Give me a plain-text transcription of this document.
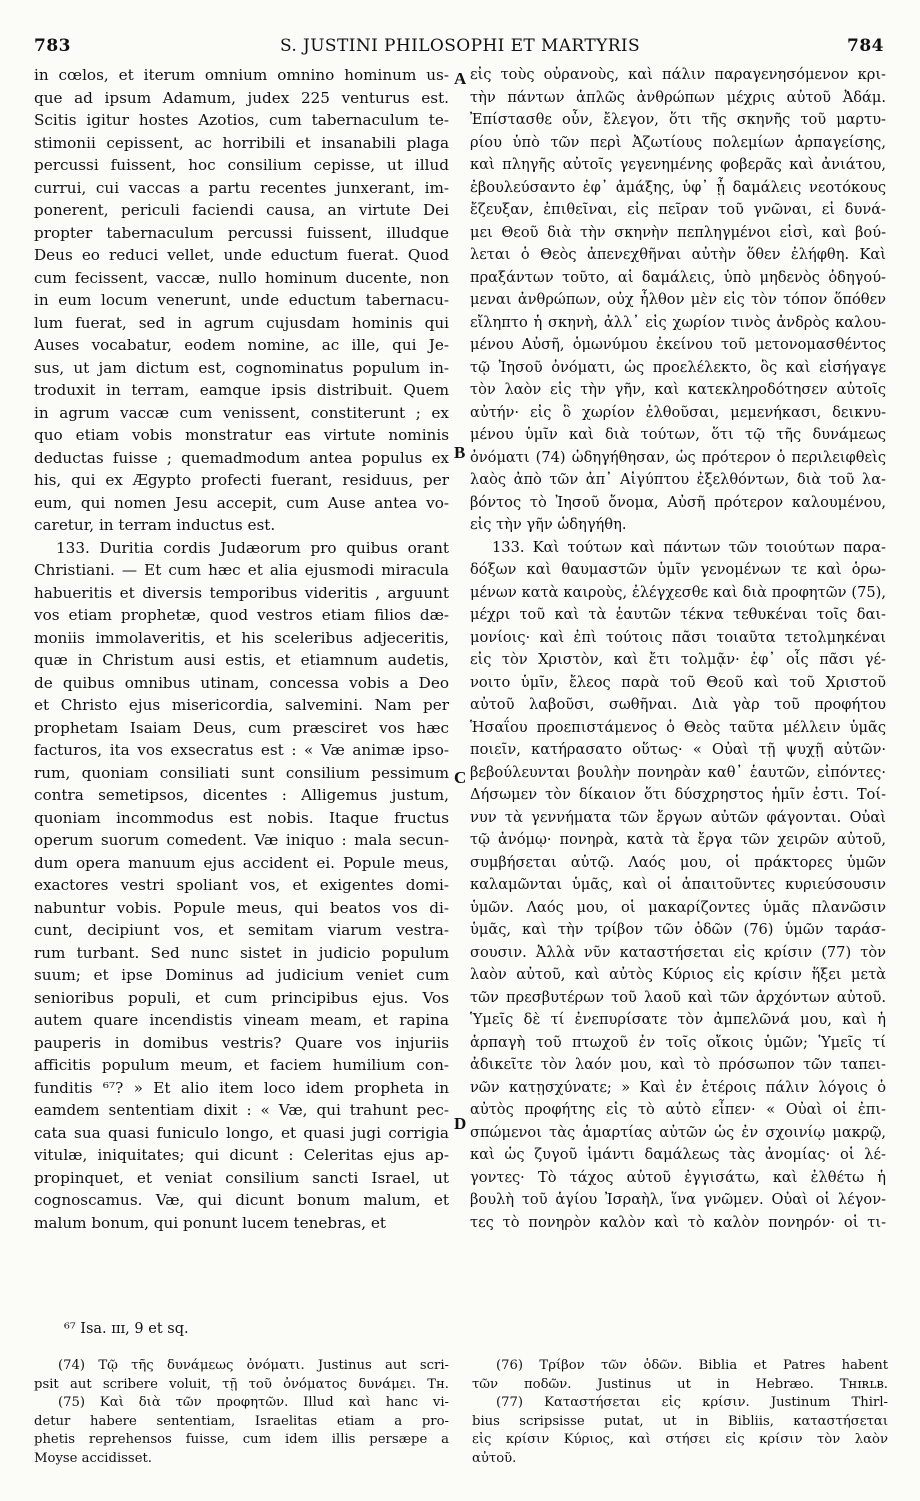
783	S. JUSTINI PHILOSOPHI ET MARTYRIS	784
in cœlos, et iterum omnium omnino hominum us-
que ad ipsum Adamum, judex 225 venturus est.
Scitis igitur hostes Azotios, cum tabernaculum te-
stimonii cepissent, ac horribili et insanabili plaga
percussi fuissent, hoc consilium cepisse, ut illud
currui, cui vaccas a partu recentes junxerant, im-
ponerent, periculi faciendi causa, an virtute Dei
propter tabernaculum percussi fuissent, illudque
Deus eo reduci vellet, unde eductum fuerat. Quod
cum fecissent, vaccæ, nullo hominum ducente, non
in eum locum venerunt, unde eductum tabernacu-
lum fuerat, sed in agrum cujusdam hominis qui
Auses vocabatur, eodem nomine, ac ille, qui Je-
sus, ut jam dictum est, cognominatus populum in-
troduxit in terram, eamque ipsis distribuit. Quem
in agrum vaccæ cum venissent, constiterunt ; ex
quo etiam vobis monstratur eas virtute nominis
deductas fuisse ; quemadmodum antea populus ex
his, qui ex Ægypto profecti fuerant, residuus, per
eum, qui nomen Jesu accepit, cum Ause antea vo-
caretur, in terram inductus est.
133. Duritia cordis Judæorum pro quibus orant
Christiani. — Et cum hæc et alia ejusmodi miracula
habueritis et diversis temporibus videritis , arguunt
vos etiam prophetæ, quod vestros etiam filios dæ-
moniis immolaveritis, et his sceleribus adjeceritis,
quæ in Christum ausi estis, et etiamnum audetis,
de quibus omnibus utinam, concessa vobis a Deo
et Christo ejus misericordia, salvemini. Nam per
prophetam Isaiam Deus, cum præsciret vos hæc
facturos, ita vos exsecratus est : « Væ animæ ipso-
rum, quoniam consiliati sunt consilium pessimum
contra semetipsos, dicentes : Alligemus justum,
quoniam incommodus est nobis. Itaque fructus
operum suorum comedent. Væ iniquo : mala secun-
dum opera manuum ejus accident ei. Popule meus,
exactores vestri spoliant vos, et exigentes domi-
nabuntur vobis. Popule meus, qui beatos vos di-
cunt, decipiunt vos, et semitam viarum vestra-
rum turbant. Sed nunc sistet in judicio populum
suum; et ipse Dominus ad judicium veniet cum
senioribus populi, et cum principibus ejus. Vos
autem quare incendistis vineam meam, et rapina
pauperis in domibus vestris? Quare vos injuriis
afficitis populum meum, et faciem humilium con-
funditis ⁶⁷? » Et alio item loco idem propheta in
eamdem sententiam dixit : « Væ, qui trahunt pec-
cata sua quasi funiculo longo, et quasi jugi corrigia
vitulæ, iniquitates; qui dicunt : Celeritas ejus ap-
propinquet, et veniat consilium sancti Israel, ut
cognoscamus. Væ, qui dicunt bonum malum, et
malum bonum, qui ponunt lucem tenebras, et
εἰς τοὺς οὐρανοὺς, καὶ πάλιν παραγενησόμενον κρι-
τὴν πάντων ἁπλῶς ἀνθρώπων μέχρις αὐτοῦ Ἀδάμ.
Ἐπίστασθε οὖν, ἔλεγον, ὅτι τῆς σκηνῆς τοῦ μαρτυ-
ρίου ὑπὸ τῶν περὶ Ἀζωτίους πολεμίων ἁρπαγείσης,
καὶ πληγῆς αὐτοῖς γεγενημένης φοβερᾶς καὶ ἀνιάτου,
ἐβουλεύσαντο ἐφ᾽ ἁμάξης, ὑφ᾽ ᾗ δαμάλεις νεοτόκους
ἔζευξαν, ἐπιθεῖναι, εἰς πεῖραν τοῦ γνῶναι, εἰ δυνά-
μει Θεοῦ διὰ τὴν σκηνὴν πεπληγμένοι εἰσὶ, καὶ βού-
λεται ὁ Θεὸς ἀπενεχθῆναι αὐτὴν ὅθεν ἐλήφθη. Καὶ
πραξάντων τοῦτο, αἱ δαμάλεις, ὑπὸ μηδενὸς ὁδηγού-
μεναι ἀνθρώπων, οὐχ ἦλθον μὲν εἰς τὸν τόπον ὅπόθεν
εἴληπτο ἡ σκηνὴ, ἀλλ᾽ εἰς χωρίον τινὸς ἀνδρὸς καλου-
μένου Αὐσῆ, ὁμωνύμου ἐκείνου τοῦ μετονομασθέντος
τῷ Ἰησοῦ ὀνόματι, ὡς προελέλεκτο, ὃς καὶ εἰσήγαγε
τὸν λαὸν εἰς τὴν γῆν, καὶ κατεκληροδότησεν αὐτοῖς
αὐτήν· εἰς ὃ χωρίον ἐλθοῦσαι, μεμενήκασι, δεικνυ-
μένου ὑμῖν καὶ διὰ τούτων, ὅτι τῷ τῆς δυνάμεως
ὀνόματι (74) ὡδηγήθησαν, ὡς πρότερον ὁ περιλειφθεὶς
λαὸς ἀπὸ τῶν ἀπ᾽ Αἰγύπτου ἐξελθόντων, διὰ τοῦ λα-
βόντος τὸ Ἰησοῦ ὄνομα, Αὐσῆ πρότερον καλουμένου,
εἰς τὴν γῆν ὡδηγήθη.
133. Καὶ τούτων καὶ πάντων τῶν τοιούτων παρα-
δόξων καὶ θαυμαστῶν ὑμῖν γενομένων τε καὶ ὁρω-
μένων κατὰ καιροὺς, ἐλέγχεσθε καὶ διὰ προφητῶν (75),
μέχρι τοῦ καὶ τὰ ἑαυτῶν τέκνα τεθυκέναι τοῖς δαι-
μονίοις· καὶ ἐπὶ τούτοις πᾶσι τοιαῦτα τετολμηκέναι
εἰς τὸν Χριστὸν, καὶ ἔτι τολμᾷν· ἐφ᾽ οἷς πᾶσι γέ-
νοιτο ὑμῖν, ἔλεος παρὰ τοῦ Θεοῦ καὶ τοῦ Χριστοῦ
αὐτοῦ λαβοῦσι, σωθῆναι. Διὰ γὰρ τοῦ προφήτου
Ἡσαΐου προεπιστάμενος ὁ Θεὸς ταῦτα μέλλειν ὑμᾶς
ποιεῖν, κατήρασατο οὕτως· « Οὐαὶ τῇ ψυχῇ αὐτῶν·
βεβούλευνται βουλὴν πονηρὰν καθ᾽ ἑαυτῶν, εἰπόντες·
Δήσωμεν τὸν δίκαιον ὅτι δύσχρηστος ἡμῖν ἐστι. Τοί-
νυν τὰ γεννήματα τῶν ἔργων αὐτῶν φάγονται. Οὐαὶ
τῷ ἀνόμῳ· πονηρὰ, κατὰ τὰ ἔργα τῶν χειρῶν αὐτοῦ,
συμβήσεται αὐτῷ. Λαός μου, οἱ πράκτορες ὑμῶν
καλαμῶνται ὑμᾶς, καὶ οἱ ἀπαιτοῦντες κυριεύσουσιν
ὑμῶν. Λαός μου, οἱ μακαρίζοντες ὑμᾶς πλανῶσιν
ὑμᾶς, καὶ τὴν τρίβον τῶν ὁδῶν (76) ὑμῶν ταράσ-
σουσιν. Ἀλλὰ νῦν καταστήσεται εἰς κρίσιν (77) τὸν
λαὸν αὐτοῦ, καὶ αὐτὸς Κύριος εἰς κρίσιν ἥξει μετὰ
τῶν πρεσβυτέρων τοῦ λαοῦ καὶ τῶν ἀρχόντων αὐτοῦ.
Ὑμεῖς δὲ τί ἐνεπυρίσατε τὸν ἀμπελῶνά μου, καὶ ἡ
ἁρπαγὴ τοῦ πτωχοῦ ἐν τοῖς οἴκοις ὑμῶν; Ὑμεῖς τί
ἀδικεῖτε τὸν λαόν μου, καὶ τὸ πρόσωπον τῶν ταπει-
νῶν κατῃσχύνατε; » Καὶ ἐν ἑτέροις πάλιν λόγοις ὁ
αὐτὸς προφήτης εἰς τὸ αὐτὸ εἶπεν· « Οὐαὶ οἱ ἐπι-
σπώμενοι τὰς ἁμαρτίας αὐτῶν ὡς ἐν σχοινίῳ μακρῷ,
καὶ ὡς ζυγοῦ ἱμάντι δαμάλεως τὰς ἀνομίας· οἱ λέ-
γοντες· Τὸ τάχος αὐτοῦ ἐγγισάτω, καὶ ἐλθέτω ἡ
βουλὴ τοῦ ἁγίου Ἰσραὴλ, ἵνα γνῶμεν. Οὐαὶ οἱ λέγον-
τες τὸ πονηρὸν καλὸν καὶ τὸ καλὸν πονηρόν· οἱ τι-
A
B
C
D
⁶⁷ Isa. ɪɪɪ, 9 et sq.
(74) Τῷ τῆς δυνάμεως ὀνόματι. Justinus aut scri-
psit aut scribere voluit, τῇ τοῦ ὀνόματος δυνάμει. Tʜ.
(75) Καὶ διὰ τῶν προφητῶν. Illud καὶ hanc vi-
detur habere sententiam, Israelitas etiam a pro-
phetis reprehensos fuisse, cum idem illis persæpe a
Moyse accidisset.
(76) Τρίβον τῶν ὁδῶν. Biblia et Patres habent
τῶν ποδῶν. Justinus ut in Hebræo. Tʜɪʀʟʙ.
(77) Καταστήσεται εἰς κρίσιν. Justinum Thirl-
bius scripsisse putat, ut in Bibliis, καταστήσεται
εἰς κρίσιν Κύριος, καὶ στήσει εἰς κρίσιν τὸν λαὸν
αὐτοῦ.
